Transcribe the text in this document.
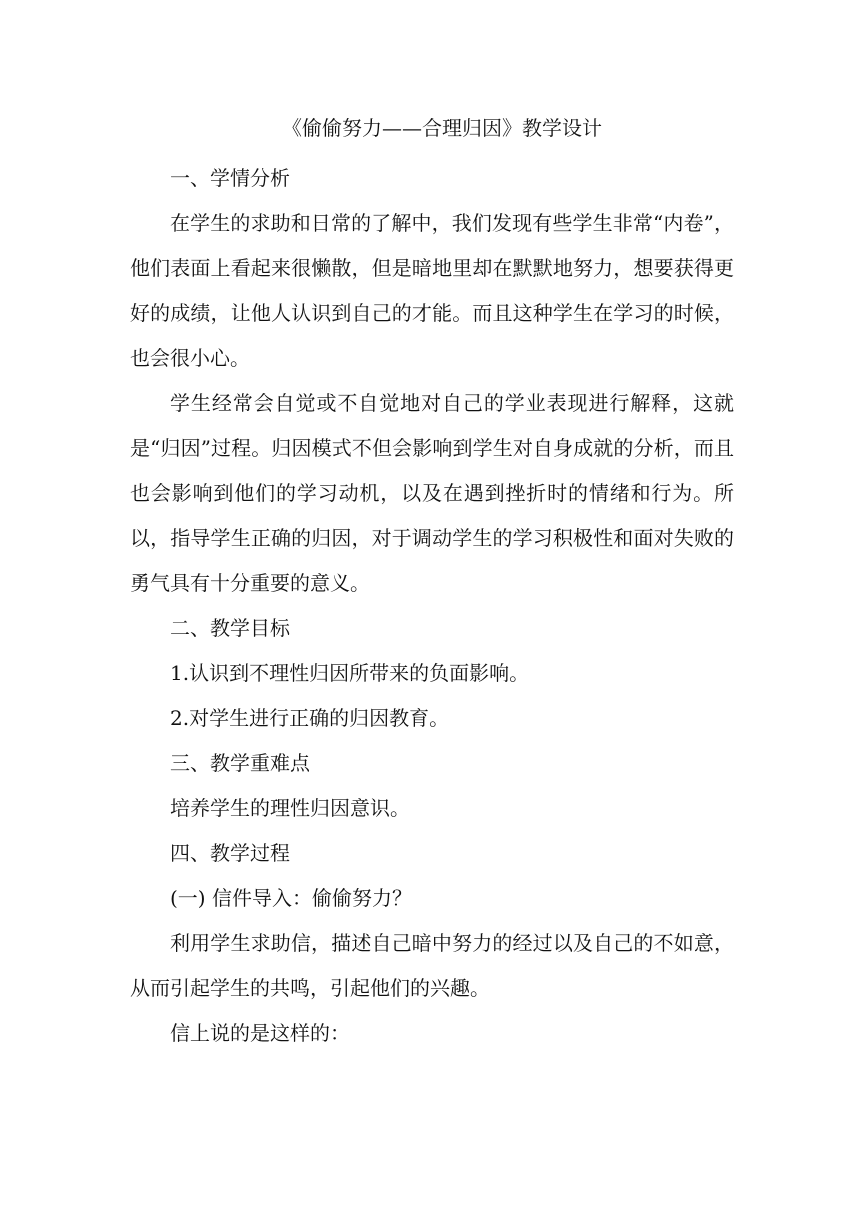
《偷偷努力——合理归因》教学设计

一、学情分析

在学生的求助和日常的了解中，我们发现有些学生非常“内卷”，他们表面上看起来很懒散，但是暗地里却在默默地努力，想要获得更好的成绩，让他人认识到自己的才能。而且这种学生在学习的时候，也会很小心。

学生经常会自觉或不自觉地对自己的学业表现进行解释，这就是“归因”过程。归因模式不但会影响到学生对自身成就的分析，而且也会影响到他们的学习动机，以及在遇到挫折时的情绪和行为。所以，指导学生正确的归因，对于调动学生的学习积极性和面对失败的勇气具有十分重要的意义。

二、教学目标

1.认识到不理性归因所带来的负面影响。

2.对学生进行正确的归因教育。

三、教学重难点

培养学生的理性归因意识。

四、教学过程

(一) 信件导入：偷偷努力？

利用学生求助信，描述自己暗中努力的经过以及自己的不如意，从而引起学生的共鸣，引起他们的兴趣。

信上说的是这样的：
